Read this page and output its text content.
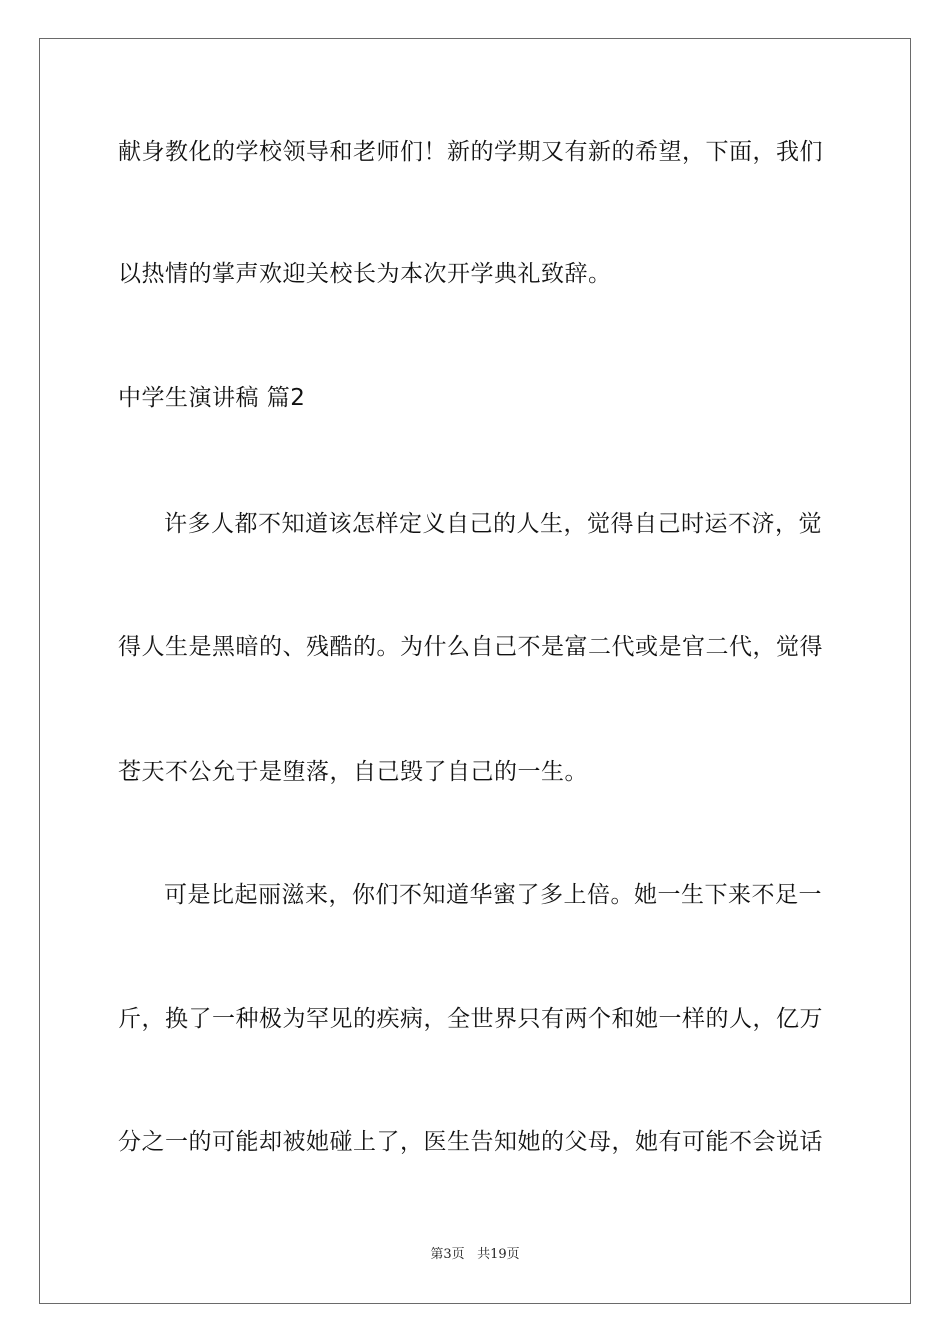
献身教化的学校领导和老师们！新的学期又有新的希望，下面，我们
以热情的掌声欢迎关校长为本次开学典礼致辞。
中学生演讲稿 篇2
许多人都不知道该怎样定义自己的人生，觉得自己时运不济，觉
得人生是黑暗的、残酷的。为什么自己不是富二代或是官二代，觉得
苍天不公允于是堕落，自己毁了自己的一生。
可是比起丽滋来，你们不知道华蜜了多上倍。她一生下来不足一
斤，换了一种极为罕见的疾病，全世界只有两个和她一样的人，亿万
分之一的可能却被她碰上了，医生告知她的父母，她有可能不会说话
第3页 共19页
